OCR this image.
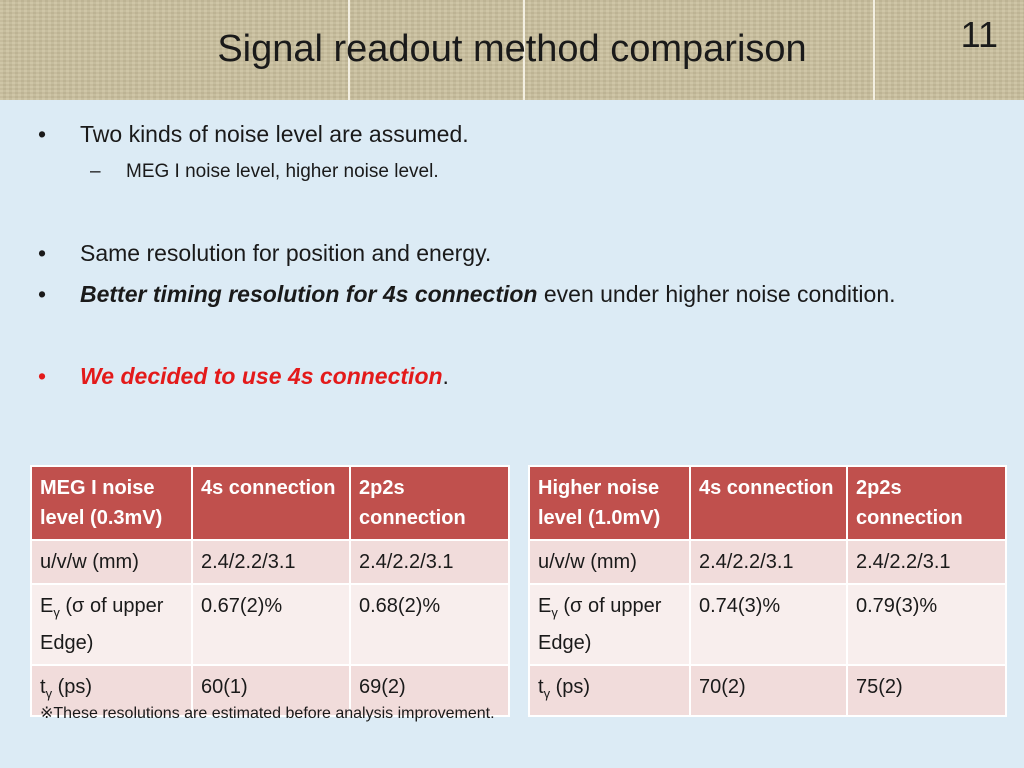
Signal readout method comparison	11
• Two kinds of noise level are assumed.
– MEG I noise level, higher noise level.
• Same resolution for position and energy.
• Better timing resolution for 4s connection even under higher noise condition.
• We decided to use 4s connection.
MEG I noise level (0.3mV)	4s connection	2p2s connection
u/v/w (mm)	2.4/2.2/3.1	2.4/2.2/3.1
$E_\gamma$ (σ of upper Edge)	0.67(2)%	0.68(2)%
$t_\gamma$ (ps)	60(1)	69(2)
Higher noise level (1.0mV)	4s connection	2p2s connection
u/v/w (mm)	2.4/2.2/3.1	2.4/2.2/3.1
$E_\gamma$ (σ of upper Edge)	0.74(3)%	0.79(3)%
$t_\gamma$ (ps)	70(2)	75(2)
※These resolutions are estimated before analysis improvement.
